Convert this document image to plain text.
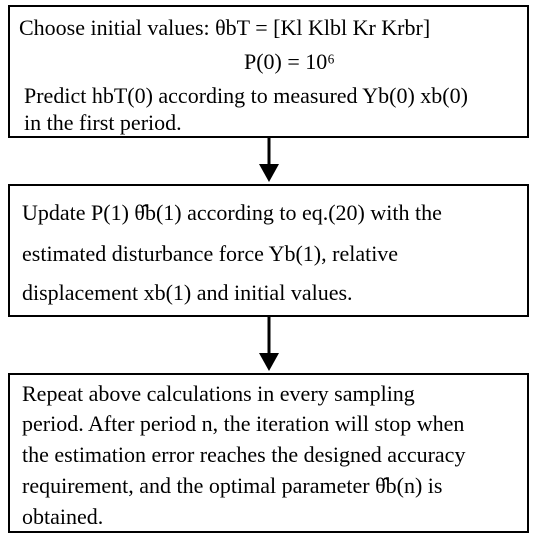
Choose initial values: θbT = [Kl Klbl Kr Krbr]
P(0) = 10⁶
Predict hbT(0) according to measured Yb(0) xb(0)
in the first period.
Update P(1) θ̂b(1) according to eq.(20) with the
estimated disturbance force Yb(1), relative
displacement xb(1) and initial values.
Repeat above calculations in every sampling
period. After period n, the iteration will stop when
the estimation error reaches the designed accuracy
requirement, and the optimal parameter θ̂b(n) is
obtained.
